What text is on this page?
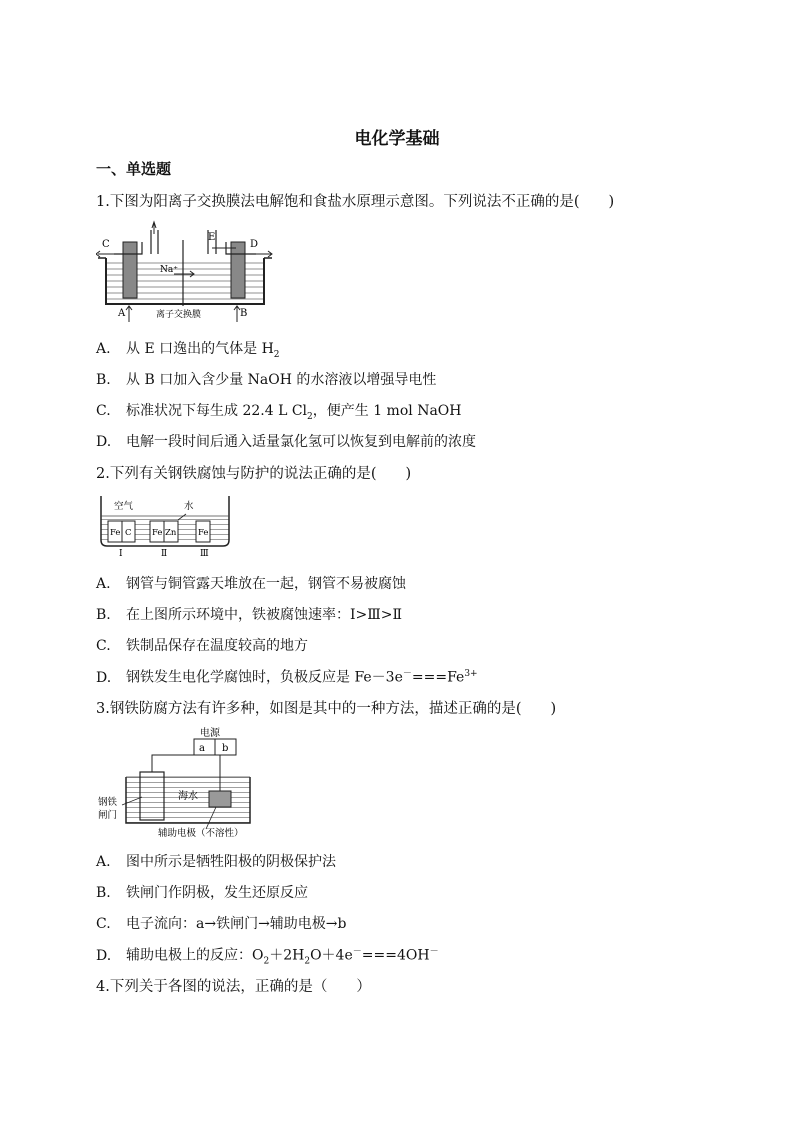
电化学基础
一、单选题
1.下图为阳离子交换膜法电解饱和食盐水原理示意图。下列说法不正确的是(　　)
C
E
D
A	B
Na⁺
离子交换膜
A. 从 E 口逸出的气体是 $H_2$
B. 从 B 口加入含少量 NaOH 的水溶液以增强导电性
C. 标准状况下每生成 22.4 L $Cl_2$，便产生 1 mol NaOH
D. 电解一段时间后通入适量氯化氢可以恢复到电解前的浓度
2.下列有关钢铁腐蚀与防护的说法正确的是(　　)
空气	水
Fe C Fe Zn	Fe
Ⅰ	Ⅱ	Ⅲ
A. 钢管与铜管露天堆放在一起，钢管不易被腐蚀
B. 在上图所示环境中，铁被腐蚀速率：Ⅰ>Ⅲ>Ⅱ
C. 铁制品保存在温度较高的地方
D. 钢铁发生电化学腐蚀时，负极反应是 $Fe-3e^-===Fe^{3+}$
3.钢铁防腐方法有许多种，如图是其中的一种方法，描述正确的是(　　)
电源
a b
海水
钢铁
闸门
辅助电极（不溶性）
A. 图中所示是牺牲阳极的阴极保护法
B. 铁闸门作阴极，发生还原反应
C. 电子流向：a→铁闸门→辅助电极→b
D. 辅助电极上的反应：$O_2+2H_2O+4e^-===4OH^-$
4.下列关于各图的说法，正确的是（　　）
